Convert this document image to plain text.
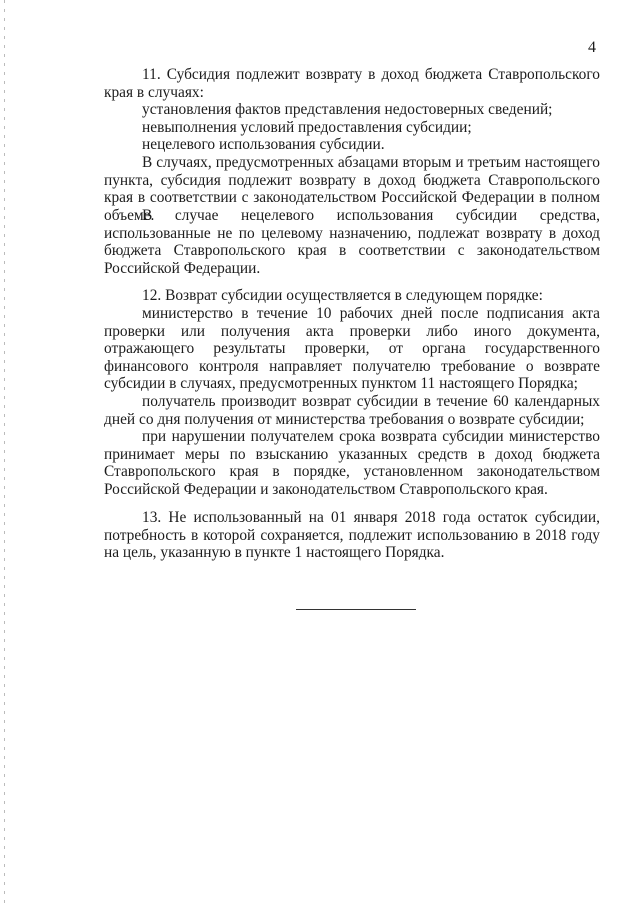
4

11. Субсидия подлежит возврату в доход бюджета Ставропольского края в случаях:

установления фактов представления недостоверных сведений;

невыполнения условий предоставления субсидии;

нецелевого использования субсидии.

В случаях, предусмотренных абзацами вторым и третьим настоящего пункта, субсидия подлежит возврату в доход бюджета Ставропольского края в соответствии с законодательством Российской Федерации в полном объеме.

В случае нецелевого использования субсидии средства, использованные не по целевому назначению, подлежат возврату в доход бюджета Ставропольского края в соответствии с законодательством Российской Федерации.

12. Возврат субсидии осуществляется в следующем порядке:

министерство в течение 10 рабочих дней после подписания акта проверки или получения акта проверки либо иного документа, отражающего результаты проверки, от органа государственного финансового контроля направляет получателю требование о возврате субсидии в случаях, предусмотренных пунктом 11 настоящего Порядка;

получатель производит возврат субсидии в течение 60 календарных дней со дня получения от министерства требования о возврате субсидии;

при нарушении получателем срока возврата субсидии министерство принимает меры по взысканию указанных средств в доход бюджета Ставропольского края в порядке, установленном законодательством Российской Федерации и законодательством Ставропольского края.

13. Не использованный на 01 января 2018 года остаток субсидии, потребность в которой сохраняется, подлежит использованию в 2018 году на цель, указанную в пункте 1 настоящего Порядка.
